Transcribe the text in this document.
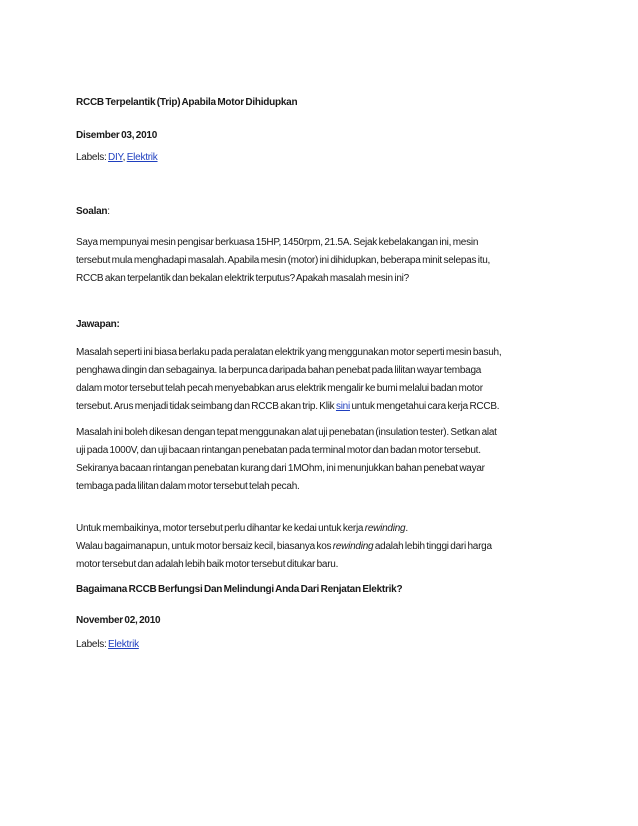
RCCB Terpelantik (Trip) Apabila Motor Dihidupkan
Disember 03, 2010
Labels: DIY, Elektrik
Soalan:
Saya mempunyai mesin pengisar berkuasa 15HP, 1450rpm, 21.5A. Sejak kebelakangan ini, mesin
tersebut mula menghadapi masalah. Apabila mesin (motor) ini dihidupkan, beberapa minit selepas itu,
RCCB akan terpelantik dan bekalan elektrik terputus? Apakah masalah mesin ini?
Jawapan:
Masalah seperti ini biasa berlaku pada peralatan elektrik yang menggunakan motor seperti mesin basuh,
penghawa dingin dan sebagainya. Ia berpunca daripada bahan penebat pada lilitan wayar tembaga
dalam motor tersebut telah pecah menyebabkan arus elektrik mengalir ke bumi melalui badan motor
tersebut. Arus menjadi tidak seimbang dan RCCB akan trip. Klik sini untuk mengetahui cara kerja RCCB.
Masalah ini boleh dikesan dengan tepat menggunakan alat uji penebatan (insulation tester). Setkan alat
uji pada 1000V, dan uji bacaan rintangan penebatan pada terminal motor dan badan motor tersebut.
Sekiranya bacaan rintangan penebatan kurang dari 1MOhm, ini menunjukkan bahan penebat wayar
tembaga pada lilitan dalam motor tersebut telah pecah.
Untuk membaikinya, motor tersebut perlu dihantar ke kedai untuk kerja rewinding.
Walau bagaimanapun, untuk motor bersaiz kecil, biasanya kos rewinding adalah lebih tinggi dari harga
motor tersebut dan adalah lebih baik motor tersebut ditukar baru.
Bagaimana RCCB Berfungsi Dan Melindungi Anda Dari Renjatan Elektrik?
November 02, 2010
Labels: Elektrik
